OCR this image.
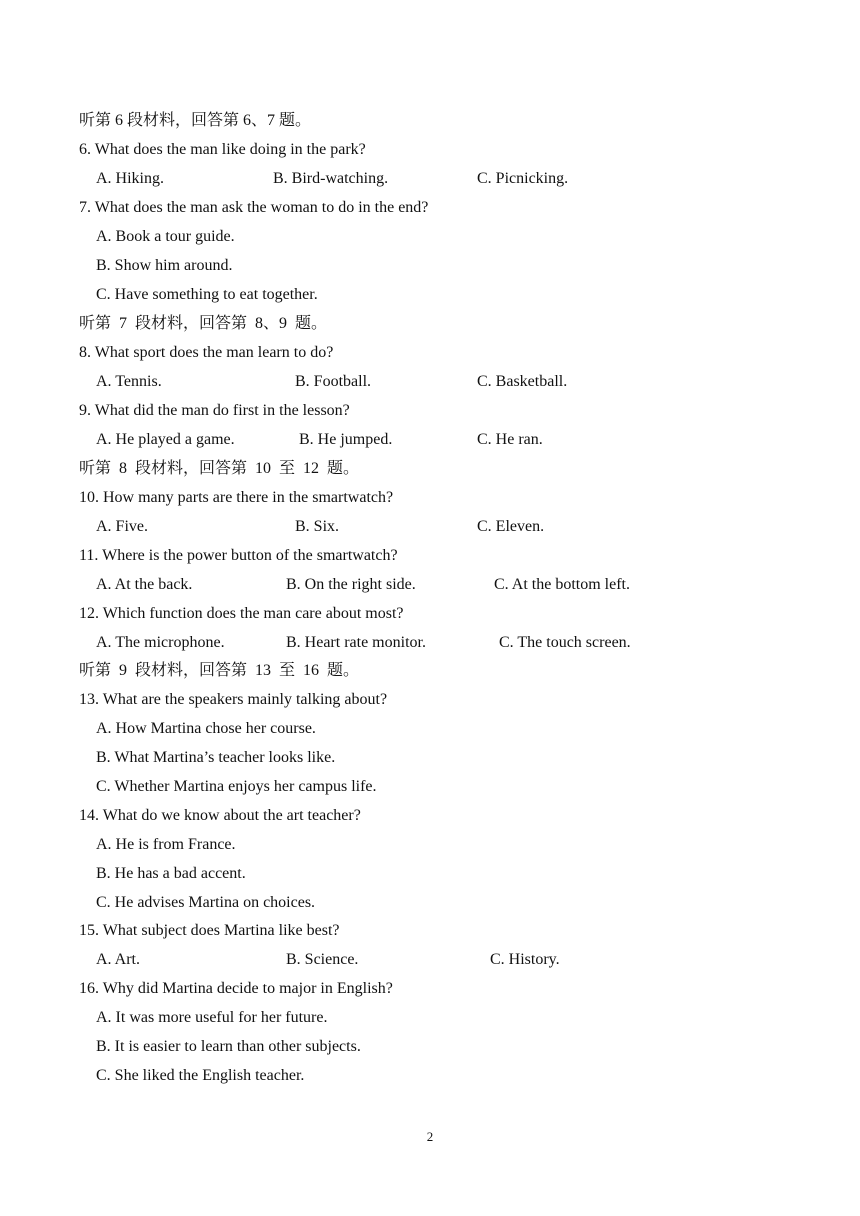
听第 6 段材料，回答第 6、7 题。
6. What does the man like doing in the park?
A. Hiking.	B. Bird-watching.	C. Picnicking.
7. What does the man ask the woman to do in the end?
A. Book a tour guide.
B. Show him around.
C. Have something to eat together.
听第  7  段材料，回答第  8、9  题。
8. What sport does the man learn to do?
A. Tennis.	B. Football.	C. Basketball.
9. What did the man do first in the lesson?
A. He played a game.	B. He jumped.	C. He ran.
听第  8  段材料，回答第  10  至  12  题。
10. How many parts are there in the smartwatch?
A. Five.	B. Six.	C. Eleven.
11. Where is the power button of the smartwatch?
A. At the back.	B. On the right side.	C. At the bottom left.
12. Which function does the man care about most?
A. The microphone.	B. Heart rate monitor.	C. The touch screen.
听第  9  段材料，回答第  13  至  16  题。
13. What are the speakers mainly talking about?
A. How Martina chose her course.
B. What Martina’s teacher looks like.
C. Whether Martina enjoys her campus life.
14. What do we know about the art teacher?
A. He is from France.
B. He has a bad accent.
C. He advises Martina on choices.
15. What subject does Martina like best?
A. Art.	B. Science.	C. History.
16. Why did Martina decide to major in English?
A. It was more useful for her future.
B. It is easier to learn than other subjects.
C. She liked the English teacher.
2
